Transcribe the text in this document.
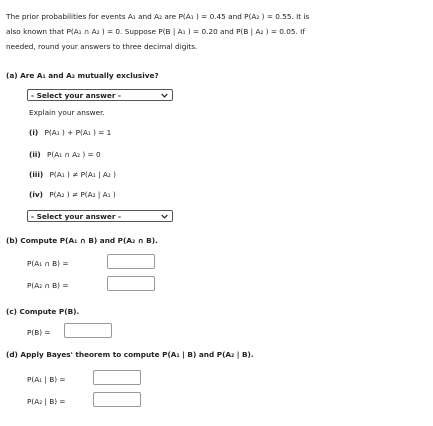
The prior probabilities for events A₁ and A₂ are P(A₁ ) = 0.45 and P(A₂ ) = 0.55. It is
also known that P(A₁ ∩ A₂ ) = 0. Suppose P(B | A₁ ) = 0.20 and P(B | A₂ ) = 0.05. If
needed, round your answers to three decimal digits.
(a) Are A₁ and A₂ mutually exclusive?
- Select your answer -
Explain your answer.
(i) P(A₁ ) + P(A₁ ) = 1
(ii) P(A₁ ∩ A₂ ) = 0
(iii) P(A₁ ) ≠ P(A₁ | A₂ )
(iv) P(A₂ ) ≠ P(A₂ | A₁ )
- Select your answer -
(b) Compute P(A₁ ∩ B) and P(A₂ ∩ B).
P(A₁ ∩ B) =
P(A₂ ∩ B) =
(c) Compute P(B).
P(B) =
(d) Apply Bayes' theorem to compute P(A₁ | B) and P(A₂ | B).
P(A₁ | B) =
P(A₂ | B) =
